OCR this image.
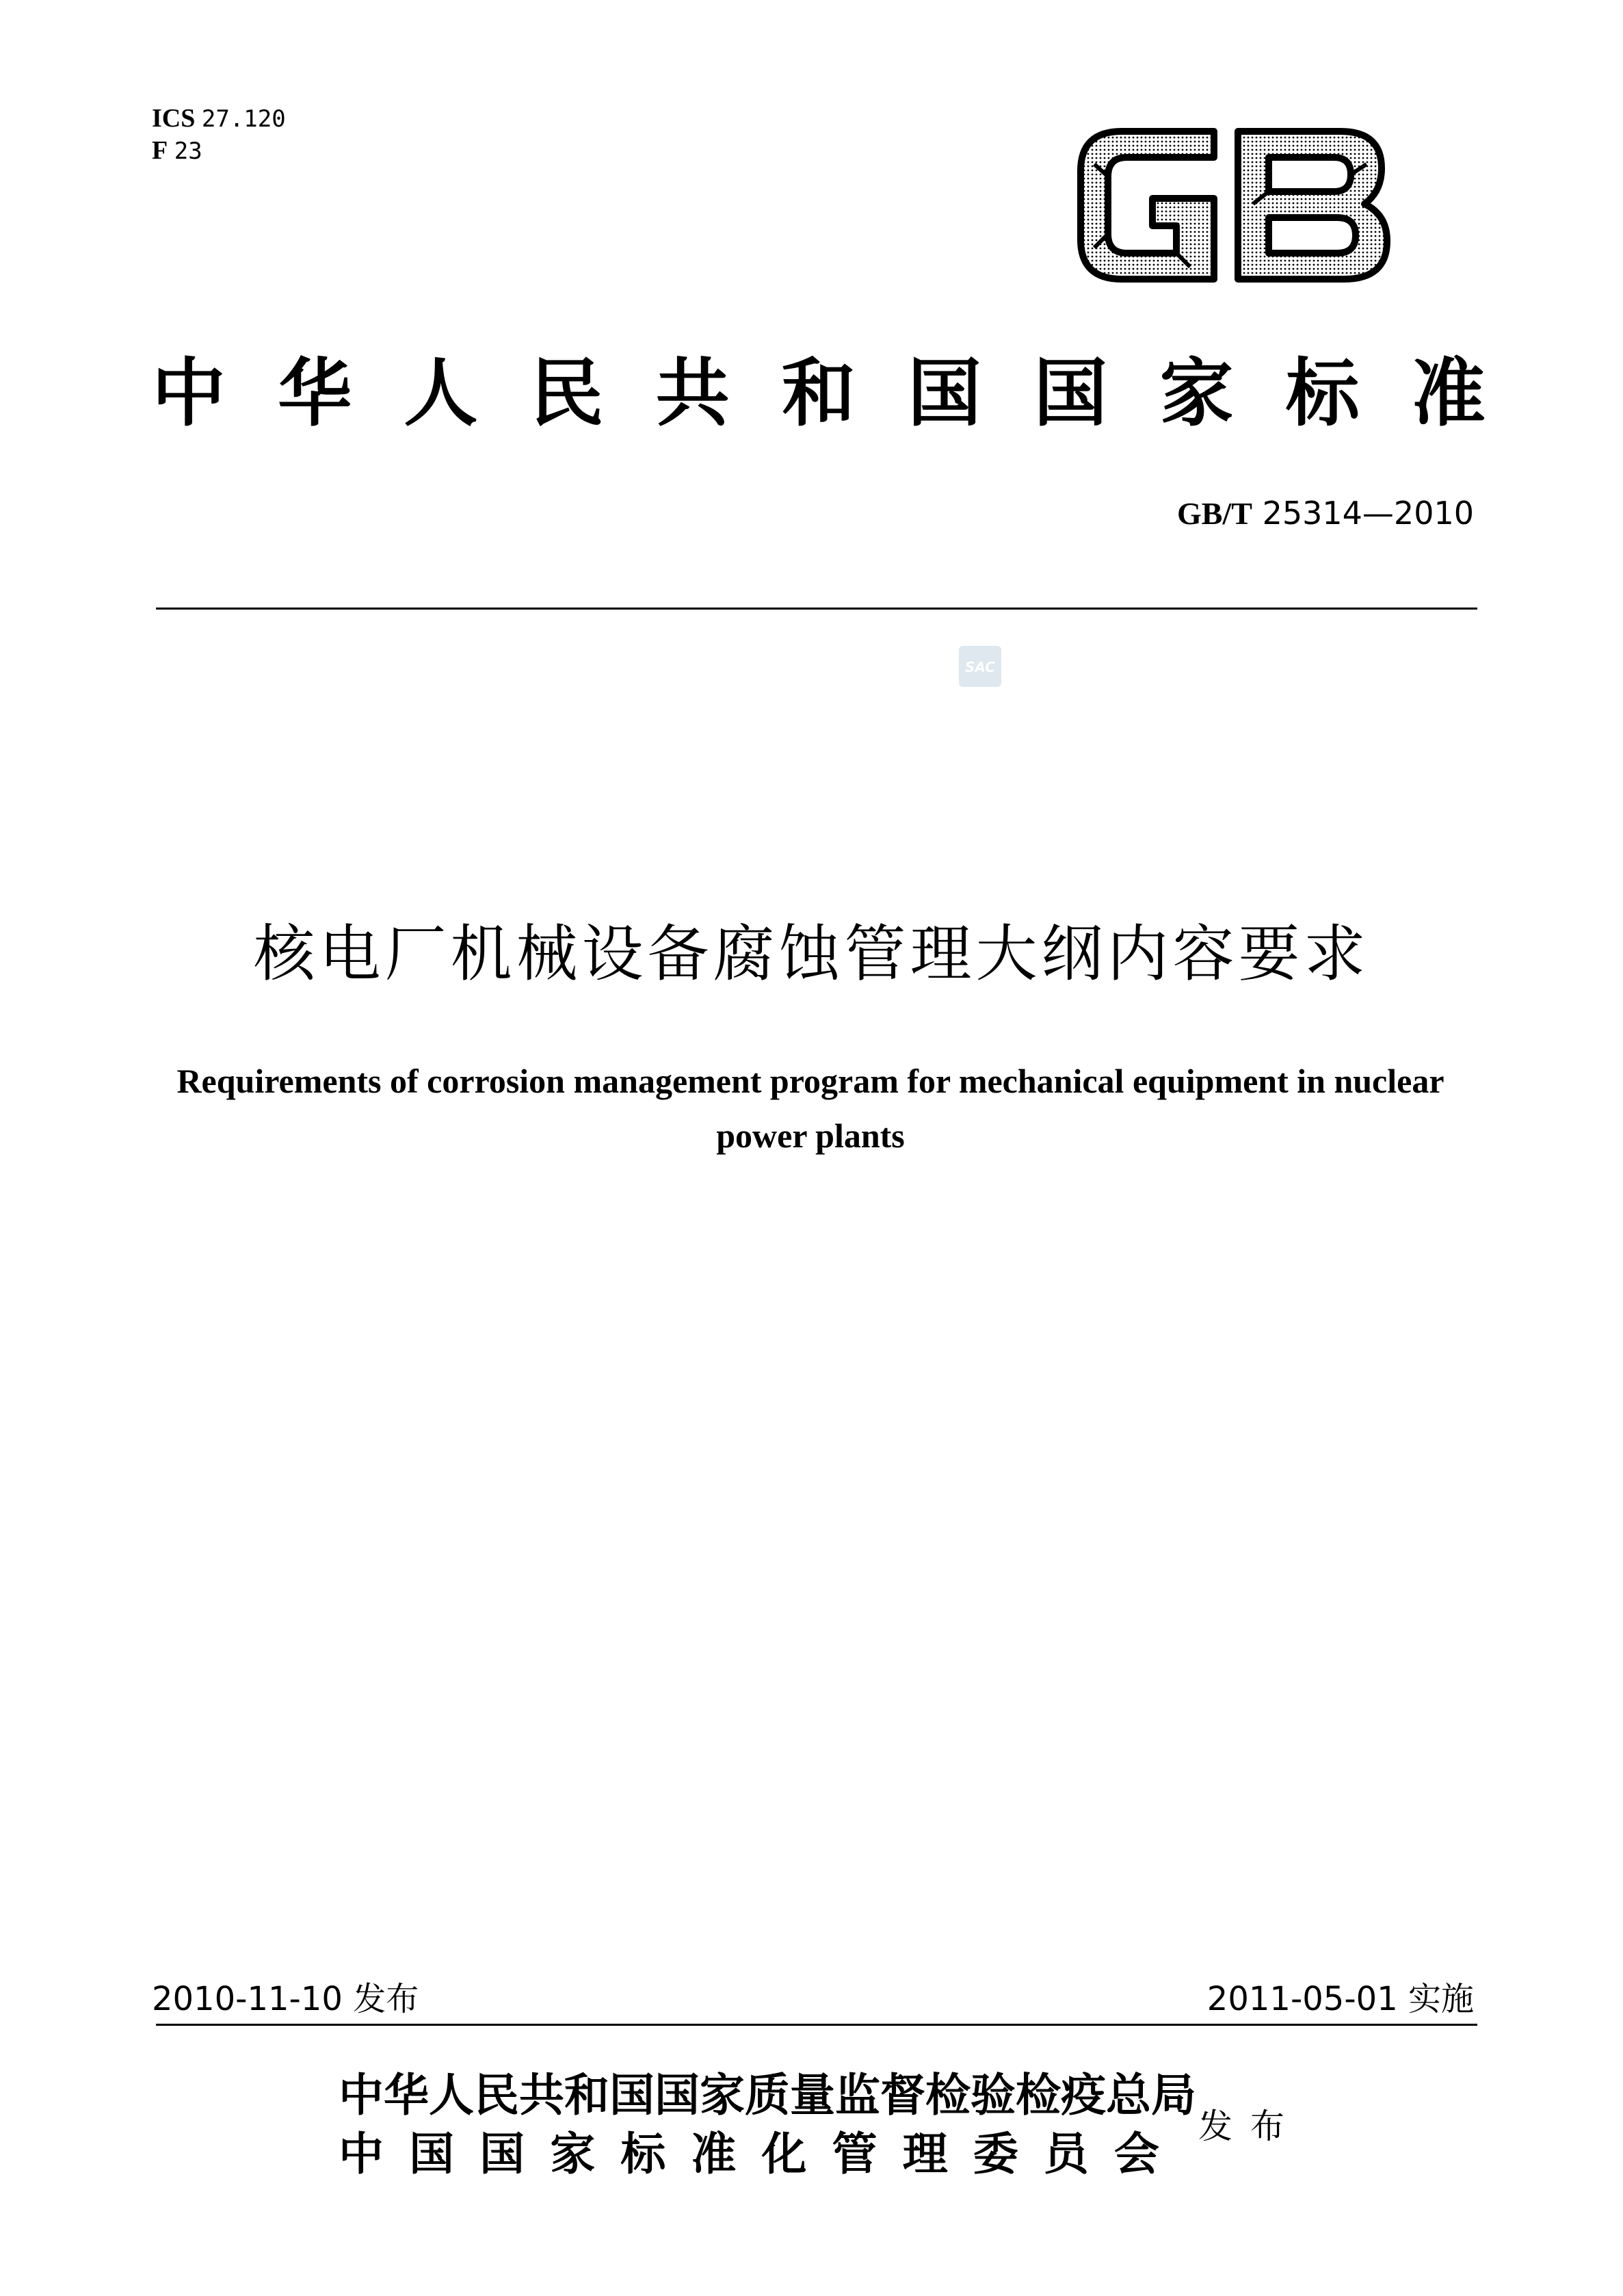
ICS 27.120
F 23
中 华 人 民 共 和 国 国 家 标 准
GB/T 25314—2010
SAC
核电厂机械设备腐蚀管理大纲内容要求
Requirements of corrosion management program for mechanical equipment in nuclear power plants
2010-11-10 发布	2011-05-01 实施
中华人民共和国国家质量监督检验检疫总局
中 国 国 家 标 准 化 管 理 委 员 会
发布
